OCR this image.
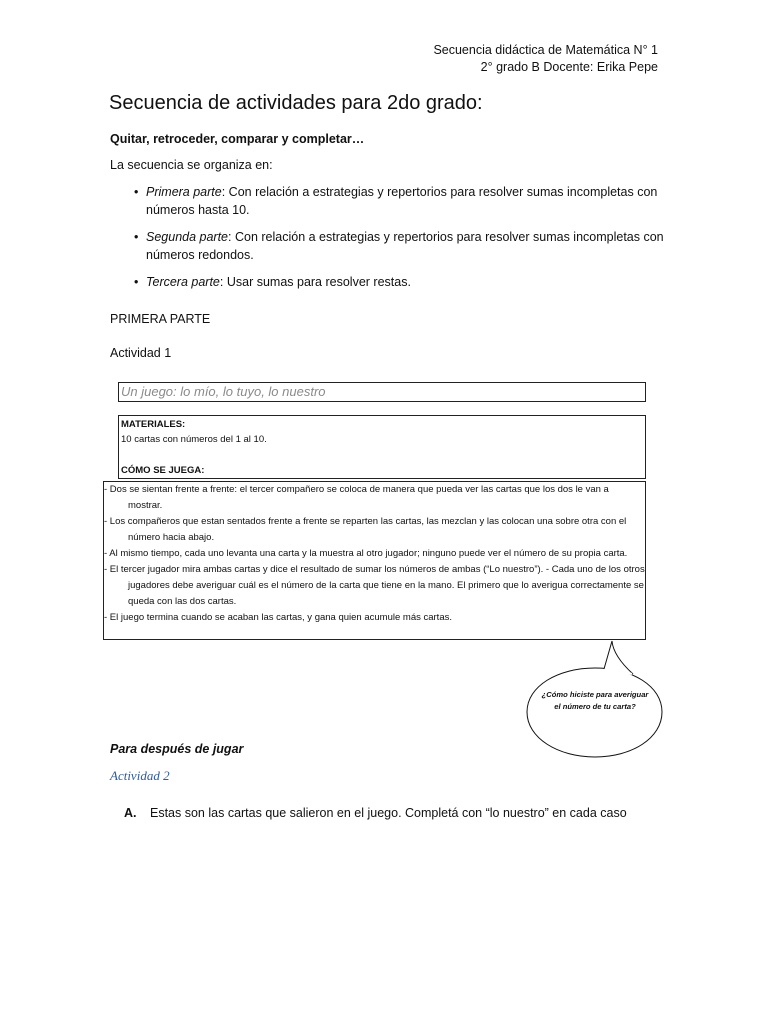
Secuencia didáctica de Matemática N° 1
2° grado B Docente: Erika Pepe
Secuencia de actividades para 2do grado:
Quitar, retroceder, comparar y completar…
La secuencia se organiza en:
• Primera parte: Con relación a estrategias y repertorios para resolver sumas incompletas con números hasta 10.
• Segunda parte: Con relación a estrategias y repertorios para resolver sumas incompletas con números redondos.
• Tercera parte: Usar sumas para resolver restas.
PRIMERA PARTE
Actividad 1
Un juego: lo mío, lo tuyo, lo nuestro
MATERIALES:
10 cartas con números del 1 al 10.
CÓMO SE JUEGA:
- Dos se sientan frente a frente: el tercer compañero se coloca de manera que pueda ver las cartas que los dos le van a mostrar.
- Los compañeros que estan sentados frente a frente se reparten las cartas, las mezclan y las colocan una sobre otra con el número hacia abajo.
- Al mismo tiempo, cada uno levanta una carta y la muestra al otro jugador; ninguno puede ver el número de su propia carta.
- El tercer jugador mira ambas cartas y dice el resultado de sumar los números de ambas (“Lo nuestro”). - Cada uno de los otros jugadores debe averiguar cuál es el número de la carta que tiene en la mano. El primero que lo averigua correctamente se queda con las dos cartas.
- El juego termina cuando se acaban las cartas, y gana quien acumule más cartas.
¿Cómo hiciste para averiguar
el número de tu carta?
Para después de jugar
Actividad 2
A. Estas son las cartas que salieron en el juego. Completá con “lo nuestro” en cada caso
